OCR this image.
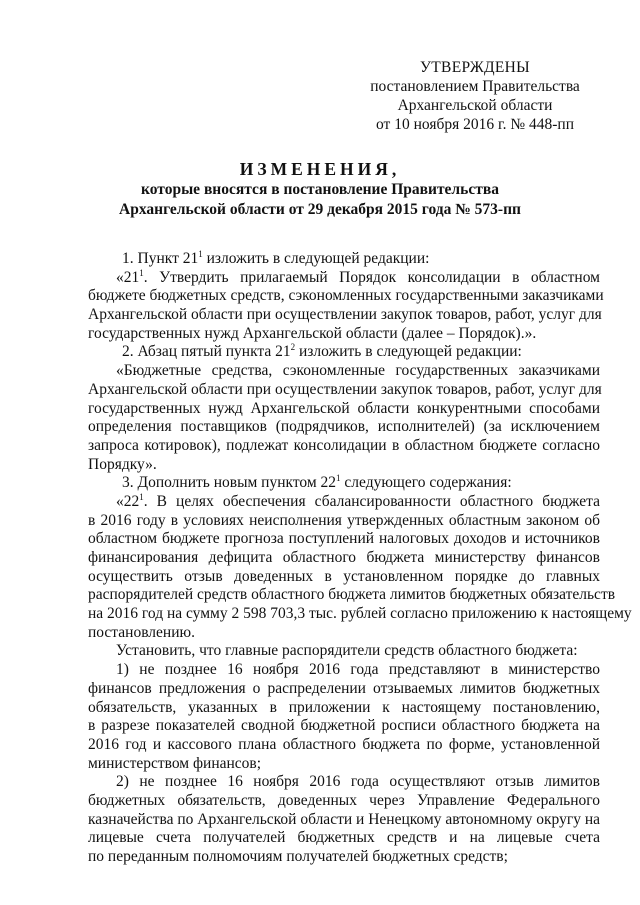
УТВЕРЖДЕНЫ
постановлением Правительства
Архангельской области
от 10 ноября 2016 г. № 448-пп
ИЗМЕНЕНИЯ,
которые вносятся в постановление Правительства
Архангельской области от 29 декабря 2015 года № 573-пп
1. Пункт $21^1$ изложить в следующей редакции:
«$21^1$. Утвердить прилагаемый Порядок консолидации в областном
бюджете бюджетных средств, сэкономленных государственными заказчиками
Архангельской области при осуществлении закупок товаров, работ, услуг для
государственных нужд Архангельской области (далее – Порядок).».
2. Абзац пятый пункта $21^2$ изложить в следующей редакции:
«Бюджетные средства, сэкономленные государственных заказчиками
Архангельской области при осуществлении закупок товаров, работ, услуг для
государственных нужд Архангельской области конкурентными способами
определения поставщиков (подрядчиков, исполнителей) (за исключением
запроса котировок), подлежат консолидации в областном бюджете согласно
Порядку».
3. Дополнить новым пунктом $22^1$ следующего содержания:
«$22^1$. В целях обеспечения сбалансированности областного бюджета
в 2016 году в условиях неисполнения утвержденных областным законом об
областном бюджете прогноза поступлений налоговых доходов и источников
финансирования дефицита областного бюджета министерству финансов
осуществить отзыв доведенных в установленном порядке до главных
распорядителей средств областного бюджета лимитов бюджетных обязательств
на 2016 год на сумму 2 598 703,3 тыс. рублей согласно приложению к настоящему
постановлению.
Установить, что главные распорядители средств областного бюджета:
1) не позднее 16 ноября 2016 года представляют в министерство
финансов предложения о распределении отзываемых лимитов бюджетных
обязательств, указанных в приложении к настоящему постановлению,
в разрезе показателей сводной бюджетной росписи областного бюджета на
2016 год и кассового плана областного бюджета по форме, установленной
министерством финансов;
2) не позднее 16 ноября 2016 года осуществляют отзыв лимитов
бюджетных обязательств, доведенных через Управление Федерального
казначейства по Архангельской области и Ненецкому автономному округу на
лицевые счета получателей бюджетных средств и на лицевые счета
по переданным полномочиям получателей бюджетных средств;
